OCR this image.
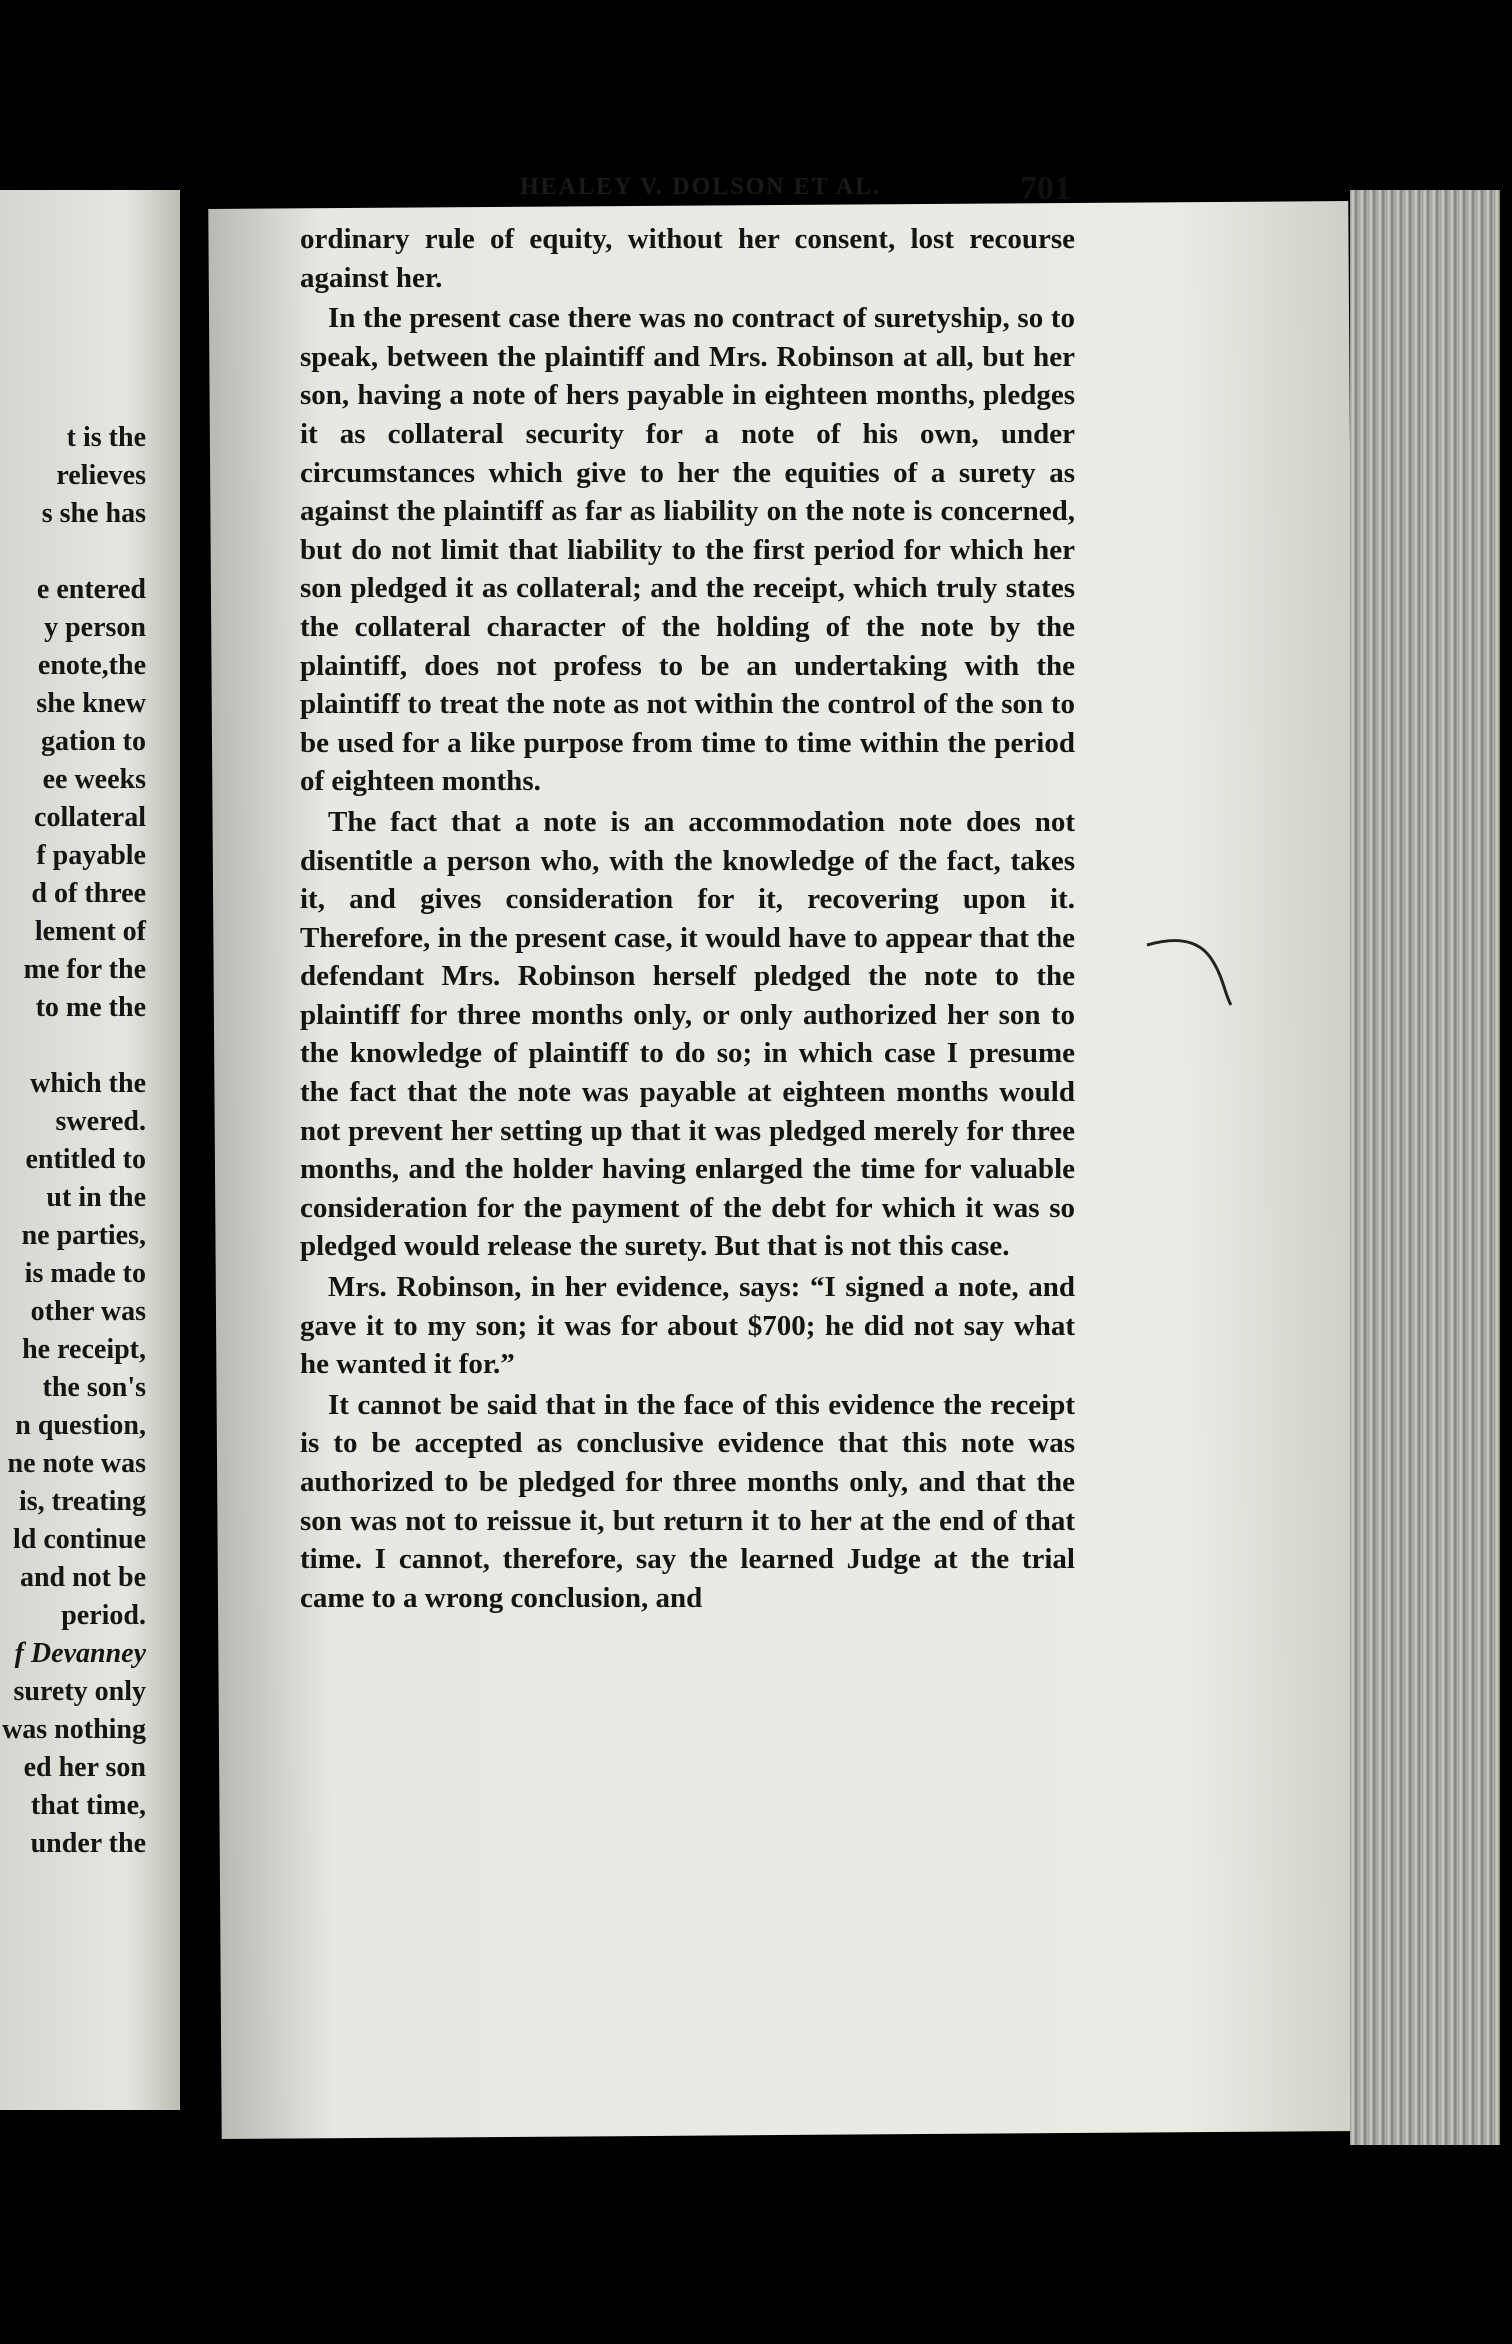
t is the
relieves
s she has
e entered
y person
enote,the
she knew
gation to
ee weeks
collateral
f payable
d of three
lement of
me for the
to me the
which the
swered.
entitled to
ut in the
ne parties,
is made to
other was
he receipt,
the son's
n question,
ne note was
is, treating
ld continue
and not be
period.
f Devanney
surety only
was nothing
ed her son
that time,
under the
HEALEY V. DOLSON ET AL.	701

ordinary rule of equity, without her consent, lost recourse against her.

In the present case there was no contract of suretyship, so to speak, between the plaintiff and Mrs. Robinson at all, but her son, having a note of hers payable in eighteen months, pledges it as collateral security for a note of his own, under circumstances which give to her the equities of a surety as against the plaintiff as far as liability on the note is concerned, but do not limit that liability to the first period for which her son pledged it as collateral; and the receipt, which truly states the collateral character of the holding of the note by the plaintiff, does not profess to be an undertaking with the plaintiff to treat the note as not within the control of the son to be used for a like purpose from time to time within the period of eighteen months.

The fact that a note is an accommodation note does not disentitle a person who, with the knowledge of the fact, takes it, and gives consideration for it, recovering upon it. Therefore, in the present case, it would have to appear that the defendant Mrs. Robinson herself pledged the note to the plaintiff for three months only, or only authorized her son to the knowledge of plaintiff to do so; in which case I presume the fact that the note was payable at eighteen months would not prevent her setting up that it was pledged merely for three months, and the holder having enlarged the time for valuable consideration for the payment of the debt for which it was so pledged would release the surety. But that is not this case.

Mrs. Robinson, in her evidence, says: “I signed a note, and gave it to my son; it was for about $700; he did not say what he wanted it for.”

It cannot be said that in the face of this evidence the receipt is to be accepted as conclusive evidence that this note was authorized to be pledged for three months only, and that the son was not to reissue it, but return it to her at the end of that time. I cannot, therefore, say the learned Judge at the trial came to a wrong conclusion, and
